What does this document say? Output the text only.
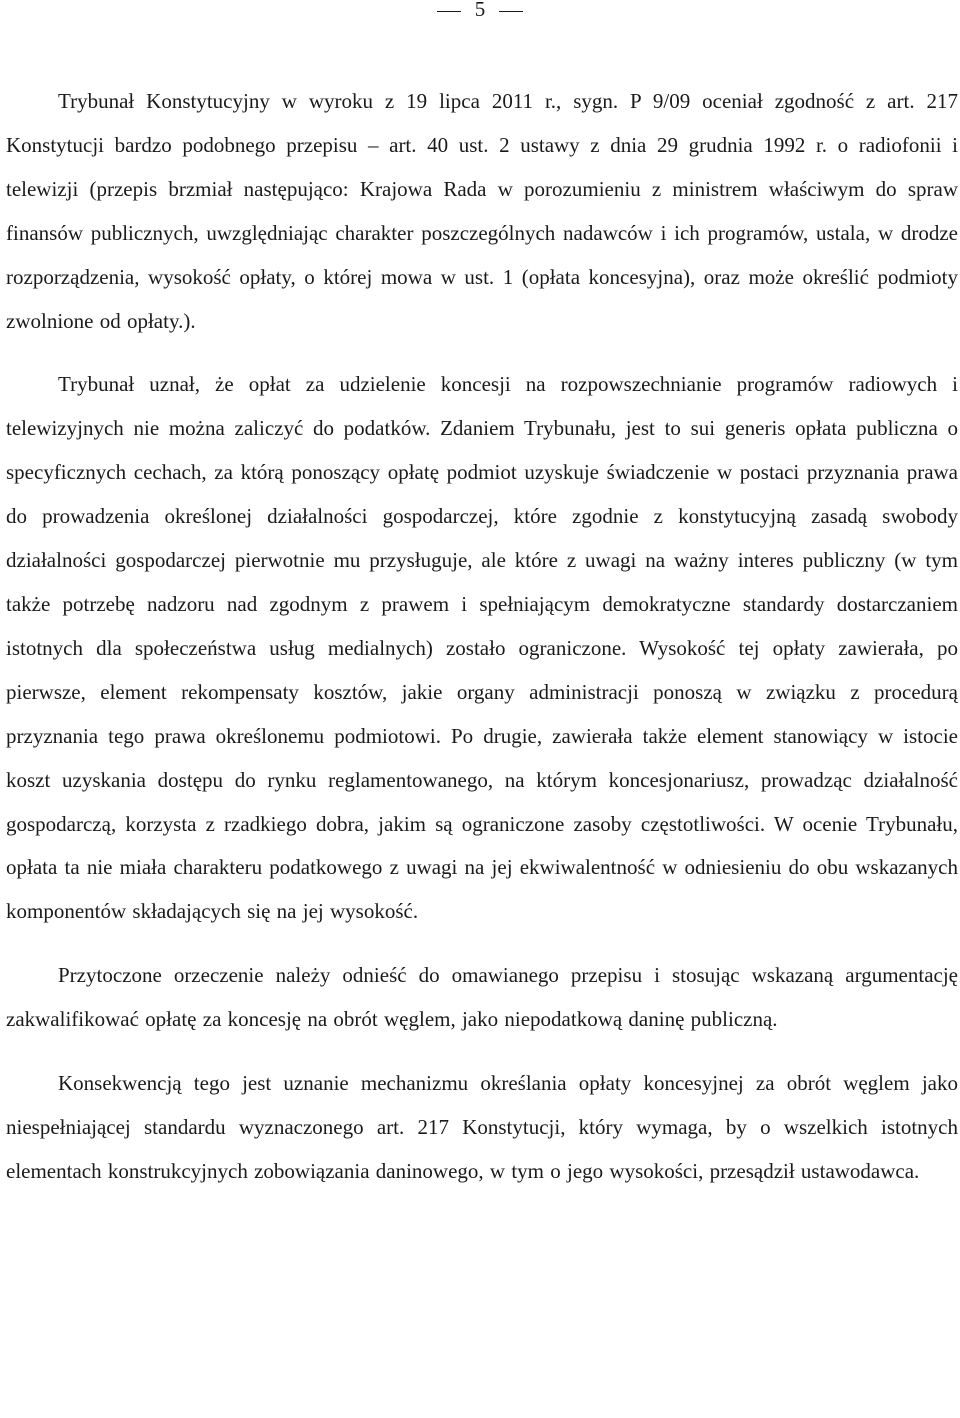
5

Trybunał Konstytucyjny w wyroku z 19 lipca 2011 r., sygn. P 9/09 oceniał zgodność z art. 217 Konstytucji bardzo podobnego przepisu – art. 40 ust. 2 ustawy z dnia 29 grudnia 1992 r. o radiofonii i telewizji (przepis brzmiał następująco: Krajowa Rada w porozumieniu z ministrem właściwym do spraw finansów publicznych, uwzględniając charakter poszczególnych nadawców i ich programów, ustala, w drodze rozporządzenia, wysokość opłaty, o której mowa w ust. 1 (opłata koncesyjna), oraz może określić podmioty zwolnione od opłaty.).

Trybunał uznał, że opłat za udzielenie koncesji na rozpowszechnianie programów radiowych i telewizyjnych nie można zaliczyć do podatków. Zdaniem Trybunału, jest to sui generis opłata publiczna o specyficznych cechach, za którą ponoszący opłatę podmiot uzyskuje świadczenie w postaci przyznania prawa do prowadzenia określonej działalności gospodarczej, które zgodnie z konstytucyjną zasadą swobody działalności gospodarczej pierwotnie mu przysługuje, ale które z uwagi na ważny interes publiczny (w tym także potrzebę nadzoru nad zgodnym z prawem i spełniającym demokratyczne standardy dostarczaniem istotnych dla społeczeństwa usług medialnych) zostało ograniczone. Wysokość tej opłaty zawierała, po pierwsze, element rekompensaty kosztów, jakie organy administracji ponoszą w związku z procedurą przyznania tego prawa określonemu podmiotowi. Po drugie, zawierała także element stanowiący w istocie koszt uzyskania dostępu do rynku reglamentowanego, na którym koncesjonariusz, prowadząc działalność gospodarczą, korzysta z rzadkiego dobra, jakim są ograniczone zasoby częstotliwości. W ocenie Trybunału, opłata ta nie miała charakteru podatkowego z uwagi na jej ekwiwalentność w odniesieniu do obu wskazanych komponentów składających się na jej wysokość.

Przytoczone orzeczenie należy odnieść do omawianego przepisu i stosując wskazaną argumentację zakwalifikować opłatę za koncesję na obrót węglem, jako niepodatkową daninę publiczną.

Konsekwencją tego jest uznanie mechanizmu określania opłaty koncesyjnej za obrót węglem jako niespełniającej standardu wyznaczonego art. 217 Konstytucji, który wymaga, by o wszelkich istotnych elementach konstrukcyjnych zobowiązania daninowego, w tym o jego wysokości, przesądził ustawodawca.
